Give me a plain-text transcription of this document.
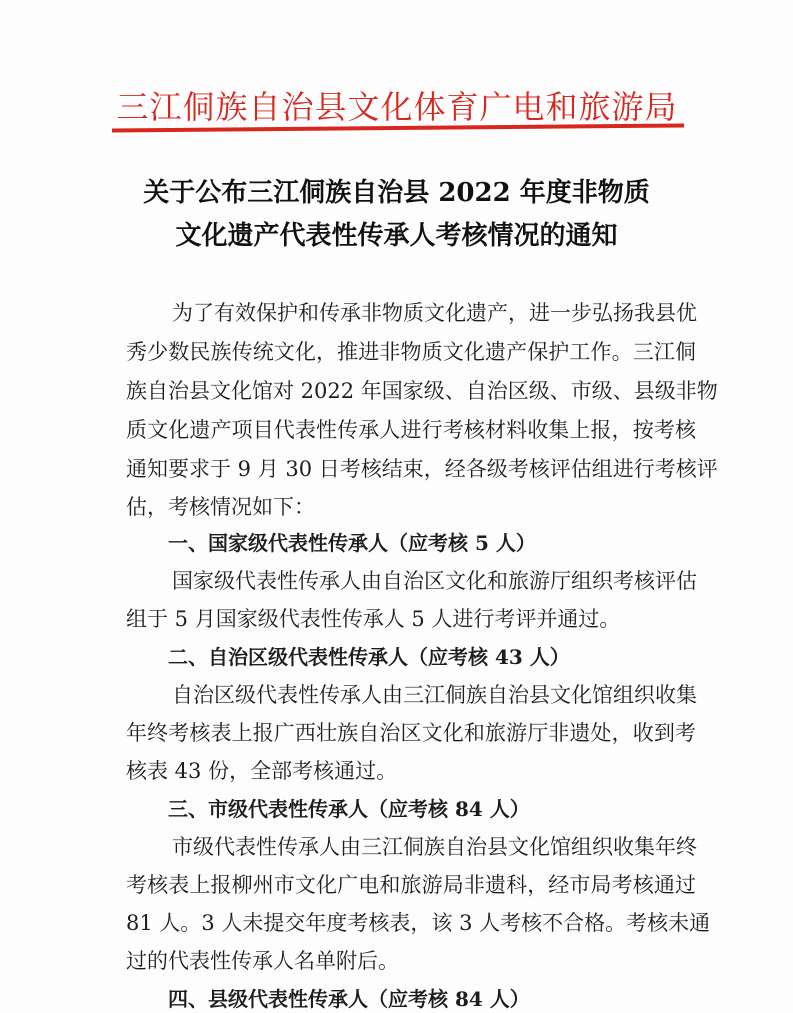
三江侗族自治县文化体育广电和旅游局
关于公布三江侗族自治县 2022 年度非物质
文化遗产代表性传承人考核情况的通知
为了有效保护和传承非物质文化遗产，进一步弘扬我县优
秀少数民族传统文化，推进非物质文化遗产保护工作。三江侗
族自治县文化馆对 2022 年国家级、自治区级、市级、县级非物
质文化遗产项目代表性传承人进行考核材料收集上报，按考核
通知要求于 9 月 30 日考核结束，经各级考核评估组进行考核评
估，考核情况如下：
一、国家级代表性传承人（应考核 5 人）
国家级代表性传承人由自治区文化和旅游厅组织考核评估
组于 5 月国家级代表性传承人 5 人进行考评并通过。
二、自治区级代表性传承人（应考核 43 人）
自治区级代表性传承人由三江侗族自治县文化馆组织收集
年终考核表上报广西壮族自治区文化和旅游厅非遗处，收到考
核表 43 份，全部考核通过。
三、市级代表性传承人（应考核 84 人）
市级代表性传承人由三江侗族自治县文化馆组织收集年终
考核表上报柳州市文化广电和旅游局非遗科，经市局考核通过
81 人。3 人未提交年度考核表，该 3 人考核不合格。考核未通
过的代表性传承人名单附后。
四、县级代表性传承人（应考核 84 人）
